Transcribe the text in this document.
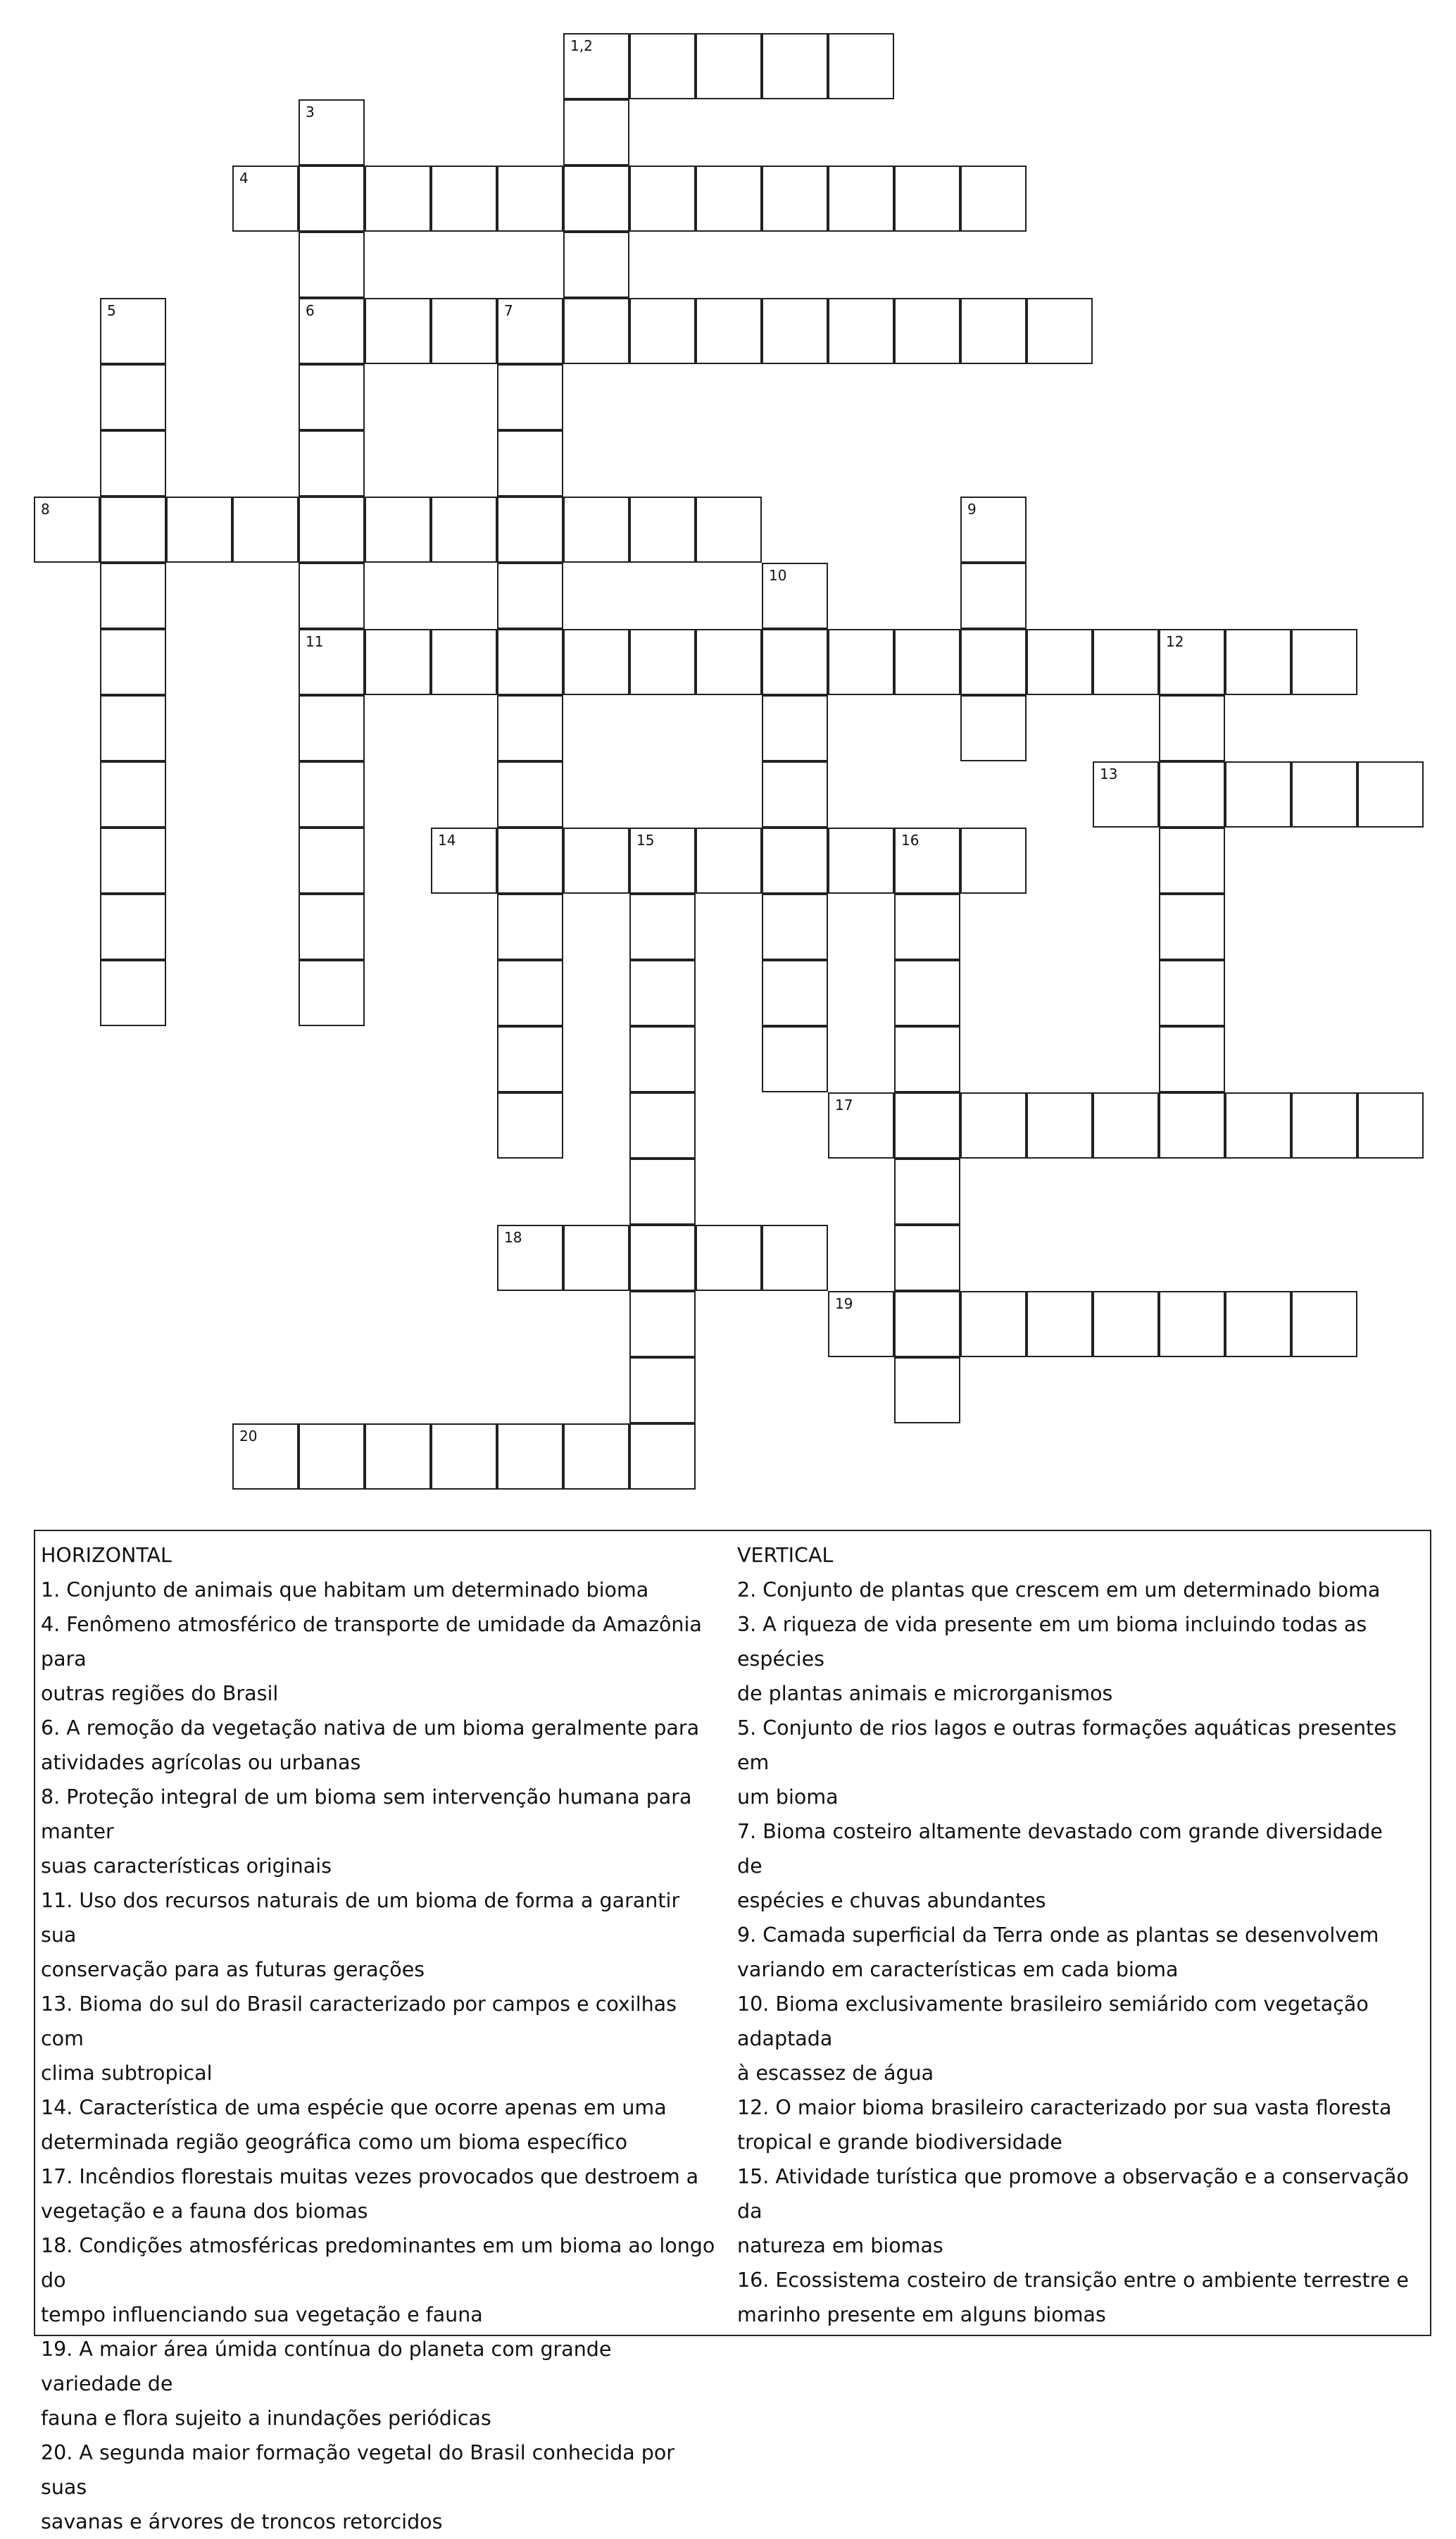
1,2
3
4
5	6	7
8	9
10
11	12
13
14	15	16
17
18
19
20
HORIZONTAL
1. Conjunto de animais que habitam um determinado bioma
4. Fenômeno atmosférico de transporte de umidade da Amazônia para
outras regiões do Brasil
6. A remoção da vegetação nativa de um bioma geralmente para
atividades agrícolas ou urbanas
8. Proteção integral de um bioma sem intervenção humana para manter
suas características originais
11. Uso dos recursos naturais de um bioma de forma a garantir sua
conservação para as futuras gerações
13. Bioma do sul do Brasil caracterizado por campos e coxilhas com
clima subtropical
14. Característica de uma espécie que ocorre apenas em uma
determinada região geográfica como um bioma específico
17. Incêndios florestais muitas vezes provocados que destroem a
vegetação e a fauna dos biomas
18. Condições atmosféricas predominantes em um bioma ao longo do
tempo influenciando sua vegetação e fauna
19. A maior área úmida contínua do planeta com grande variedade de
fauna e flora sujeito a inundações periódicas
20. A segunda maior formação vegetal do Brasil conhecida por suas
savanas e árvores de troncos retorcidos
VERTICAL
2. Conjunto de plantas que crescem em um determinado bioma
3. A riqueza de vida presente em um bioma incluindo todas as espécies
de plantas animais e microrganismos
5. Conjunto de rios lagos e outras formações aquáticas presentes em
um bioma
7. Bioma costeiro altamente devastado com grande diversidade de
espécies e chuvas abundantes
9. Camada superficial da Terra onde as plantas se desenvolvem
variando em características em cada bioma
10. Bioma exclusivamente brasileiro semiárido com vegetação adaptada
à escassez de água
12. O maior bioma brasileiro caracterizado por sua vasta floresta
tropical e grande biodiversidade
15. Atividade turística que promove a observação e a conservação da
natureza em biomas
16. Ecossistema costeiro de transição entre o ambiente terrestre e
marinho presente em alguns biomas
